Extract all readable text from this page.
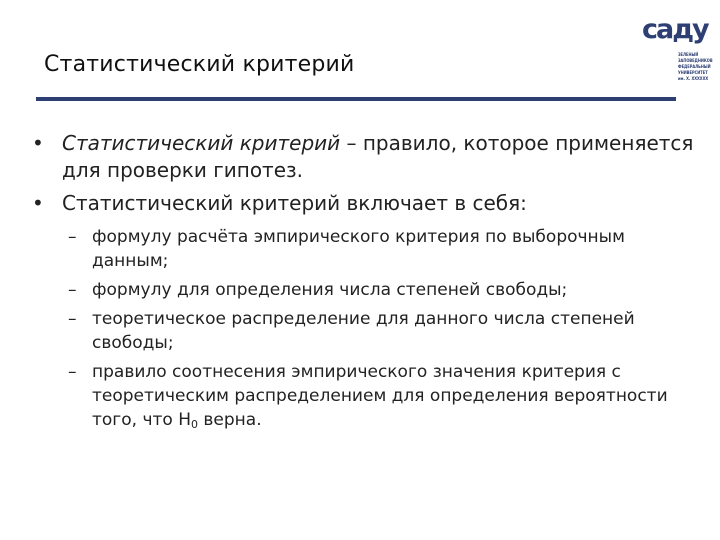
Статистический критерий
caдy
ЗЕЛЕНЫЙ
ЗАПОВЕДНИКОВ
ФЕДЕРАЛЬНЫЙ
УНИВЕРСИТЕТ
им. Х. ХХХХХХ
• Статистический критерий – правило, которое применяется для проверки гипотез.
• Статистический критерий включает в себя:
– формулу расчёта эмпирического критерия по выборочным данным;
– формулу для определения числа степеней свободы;
– теоретическое распределение для данного числа степеней свободы;
– правило соотнесения эмпирического значения критерия с теоретическим распределением для определения вероятности того, что $H_0$ верна.
